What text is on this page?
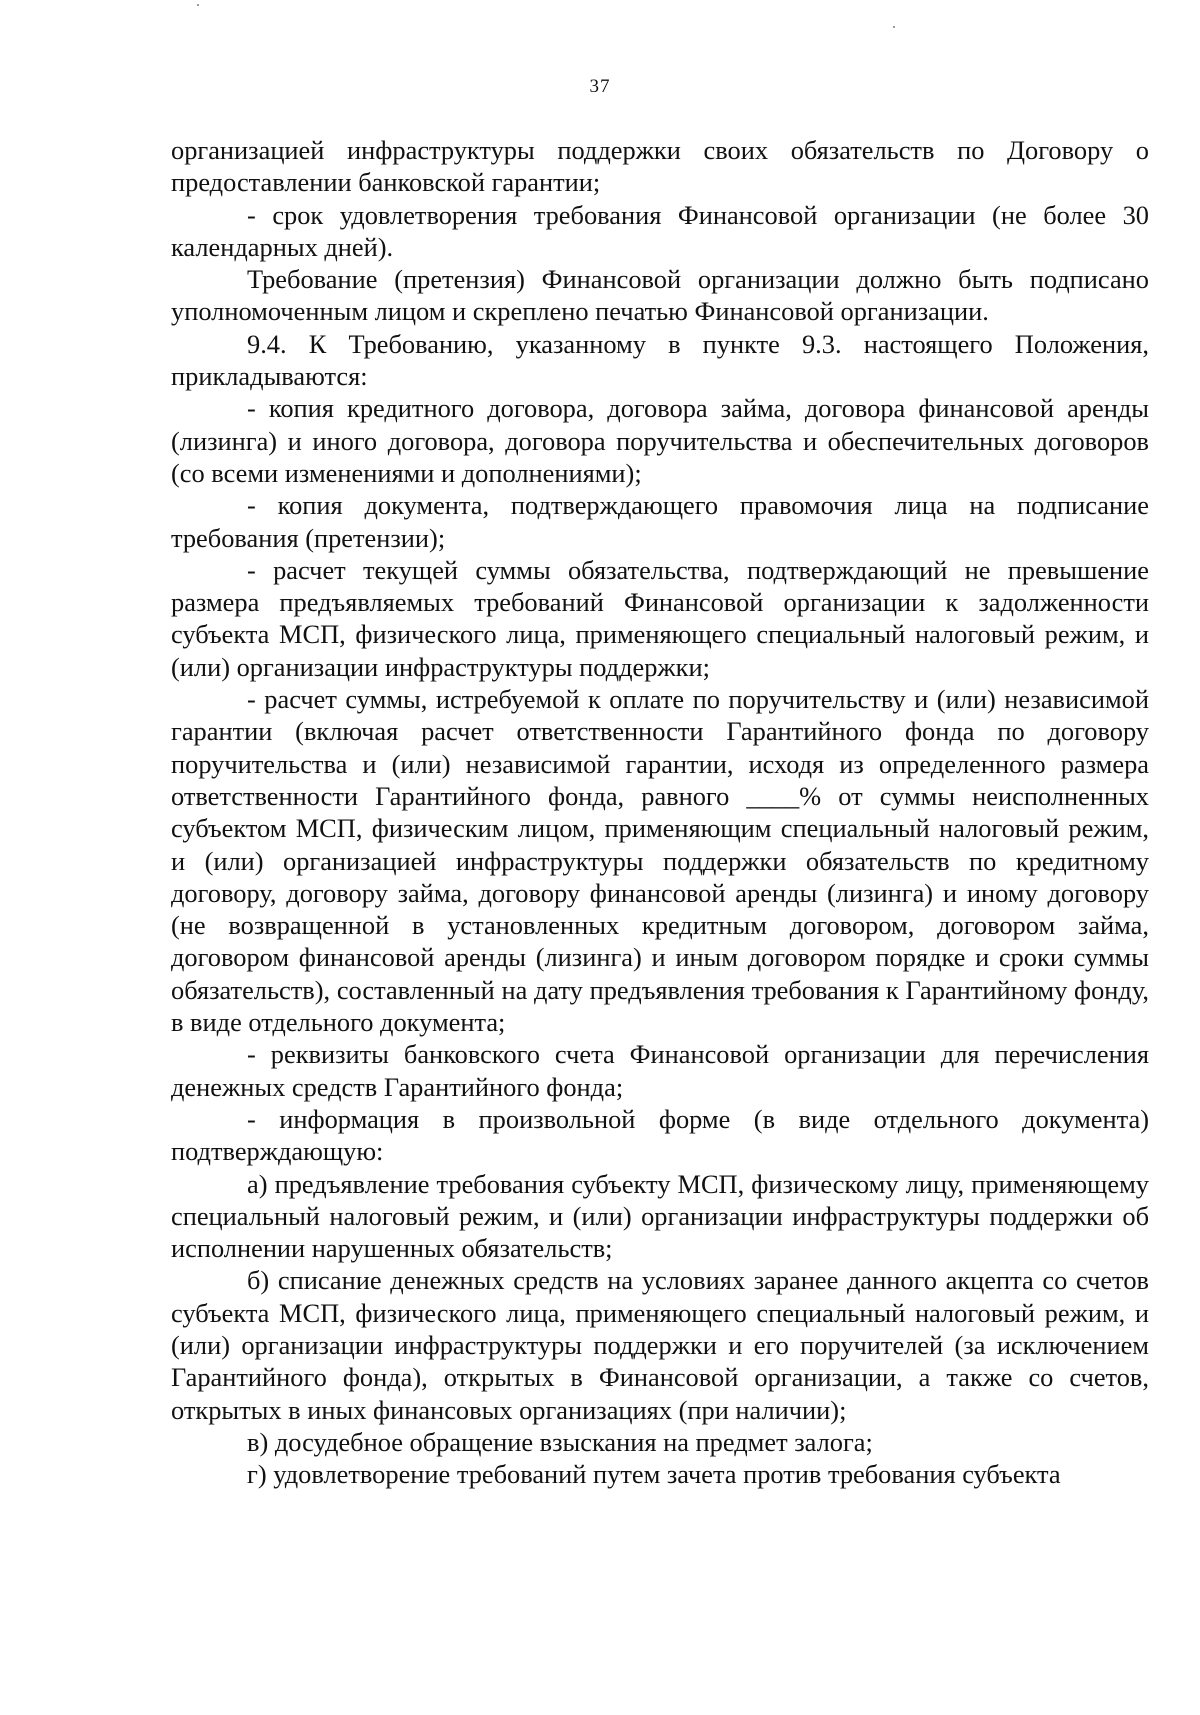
37

организацией инфраструктуры поддержки своих обязательств по Договору о предоставлении банковской гарантии;

- срок удовлетворения требования Финансовой организации (не более 30 календарных дней).

Требование (претензия) Финансовой организации должно быть подписано уполномоченным лицом и скреплено печатью Финансовой организации.

9.4. К Требованию, указанному в пункте 9.3. настоящего Положения, прикладываются:

- копия кредитного договора, договора займа, договора финансовой аренды (лизинга) и иного договора, договора поручительства и обеспечительных договоров (со всеми изменениями и дополнениями);

- копия документа, подтверждающего правомочия лица на подписание требования (претензии);

- расчет текущей суммы обязательства, подтверждающий не превышение размера предъявляемых требований Финансовой организации к задолженности субъекта МСП, физического лица, применяющего специальный налоговый режим, и (или) организации инфраструктуры поддержки;

- расчет суммы, истребуемой к оплате по поручительству и (или) независимой гарантии (включая расчет ответственности Гарантийного фонда по договору поручительства и (или) независимой гарантии, исходя из определенного размера ответственности Гарантийного фонда, равного ____% от суммы неисполненных субъектом МСП, физическим лицом, применяющим специальный налоговый режим, и (или) организацией инфраструктуры поддержки обязательств по кредитному договору, договору займа, договору финансовой аренды (лизинга) и иному договору (не возвращенной в установленных кредитным договором, договором займа, договором финансовой аренды (лизинга) и иным договором порядке и сроки суммы обязательств), составленный на дату предъявления требования к Гарантийному фонду, в виде отдельного документа;

- реквизиты банковского счета Финансовой организации для перечисления денежных средств Гарантийного фонда;

- информация в произвольной форме (в виде отдельного документа) подтверждающую:

а) предъявление требования субъекту МСП, физическому лицу, применяющему специальный налоговый режим, и (или) организации инфраструктуры поддержки об исполнении нарушенных обязательств;

б) списание денежных средств на условиях заранее данного акцепта со счетов субъекта МСП, физического лица, применяющего специальный налоговый режим, и (или) организации инфраструктуры поддержки и его поручителей (за исключением Гарантийного фонда), открытых в Финансовой организации, а также со счетов, открытых в иных финансовых организациях (при наличии);

в) досудебное обращение взыскания на предмет залога;

г) удовлетворение требований путем зачета против требования субъекта
